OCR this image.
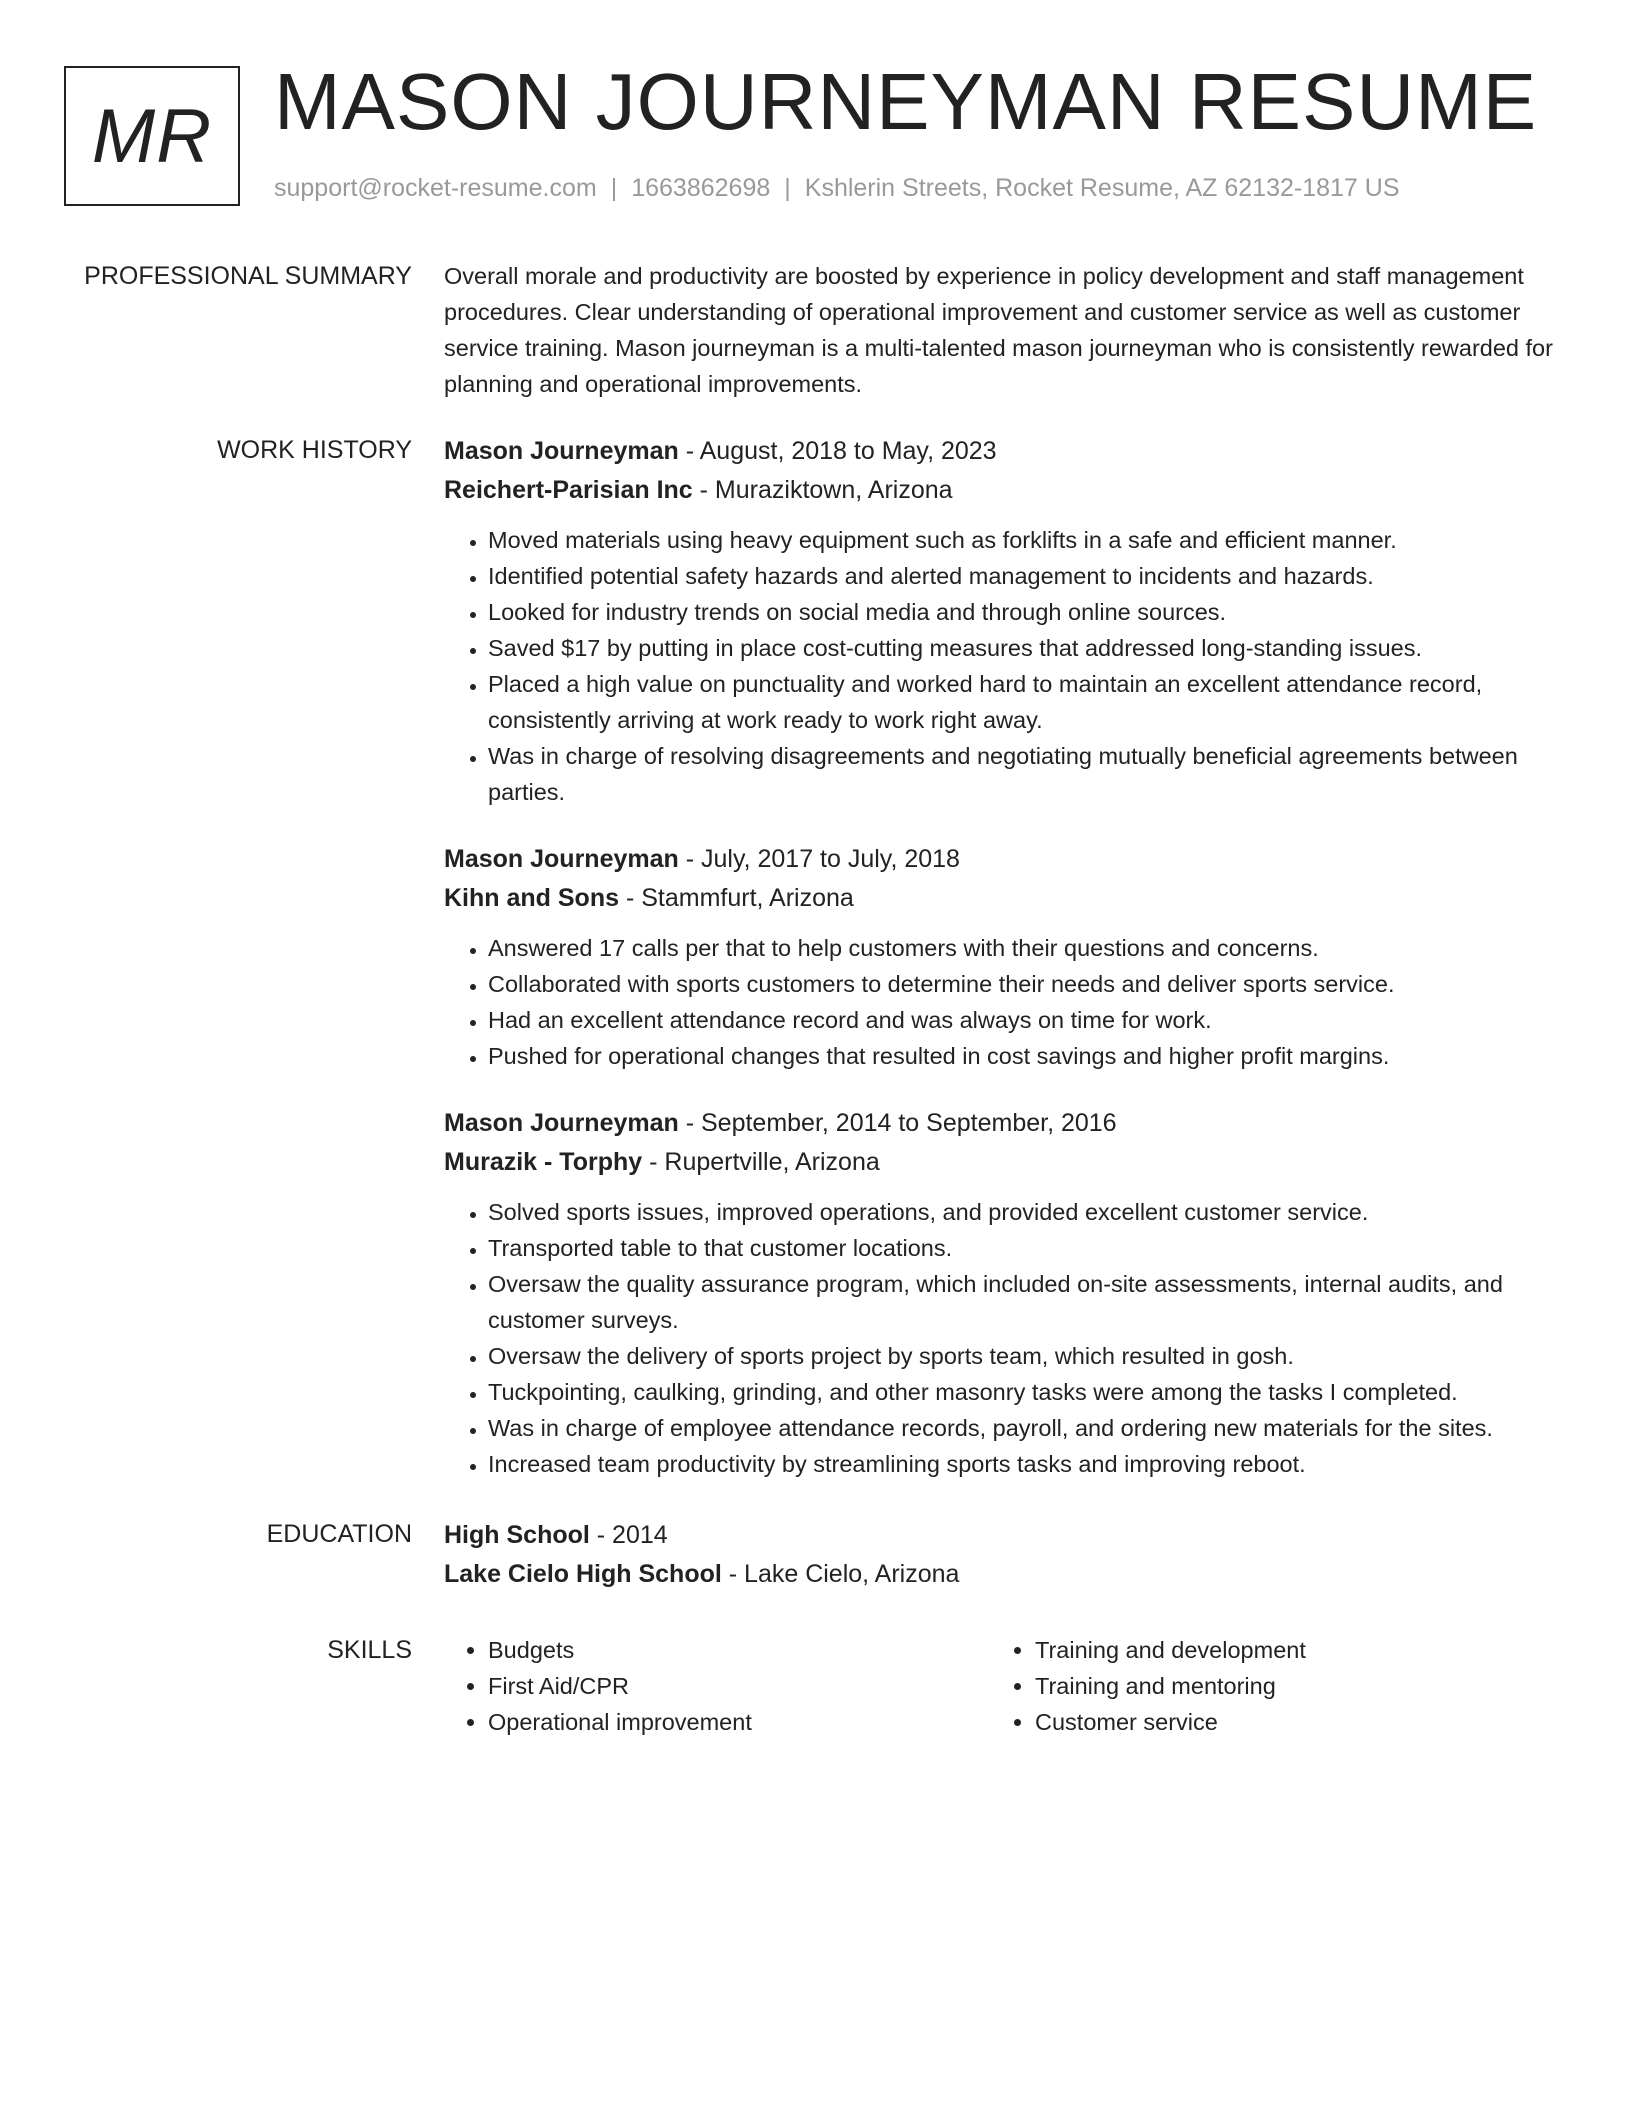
MR MASON JOURNEYMAN RESUME
support@rocket-resume.com | 1663862698 | Kshlerin Streets, Rocket Resume, AZ 62132-1817 US
PROFESSIONAL SUMMARY Overall morale and productivity are boosted by experience in policy development and staff management procedures. Clear understanding of operational improvement and customer service as well as customer service training. Mason journeyman is a multi-talented mason journeyman who is consistently rewarded for planning and operational improvements.

WORK HISTORY Mason Journeyman - August, 2018 to May, 2023
Reichert-Parisian Inc - Muraziktown, Arizona
• Moved materials using heavy equipment such as forklifts in a safe and efficient manner.
• Identified potential safety hazards and alerted management to incidents and hazards.
• Looked for industry trends on social media and through online sources.
• Saved $17 by putting in place cost-cutting measures that addressed long-standing issues.
• Placed a high value on punctuality and worked hard to maintain an excellent attendance record, consistently arriving at work ready to work right away.
• Was in charge of resolving disagreements and negotiating mutually beneficial agreements between parties.
Mason Journeyman - July, 2017 to July, 2018
Kihn and Sons - Stammfurt, Arizona
• Answered 17 calls per that to help customers with their questions and concerns.
• Collaborated with sports customers to determine their needs and deliver sports service.
• Had an excellent attendance record and was always on time for work.
• Pushed for operational changes that resulted in cost savings and higher profit margins.
Mason Journeyman - September, 2014 to September, 2016
Murazik - Torphy - Rupertville, Arizona
• Solved sports issues, improved operations, and provided excellent customer service.
• Transported table to that customer locations.
• Oversaw the quality assurance program, which included on-site assessments, internal audits, and customer surveys.
• Oversaw the delivery of sports project by sports team, which resulted in gosh.
• Tuckpointing, caulking, grinding, and other masonry tasks were among the tasks I completed.
• Was in charge of employee attendance records, payroll, and ordering new materials for the sites.
• Increased team productivity by streamlining sports tasks and improving reboot.
EDUCATION High School - 2014
Lake Cielo High School - Lake Cielo, Arizona
SKILLS
•	Budgets
• First Aid/CPR
• Operational improvement
• Training and development
• Training and mentoring
• Customer service
